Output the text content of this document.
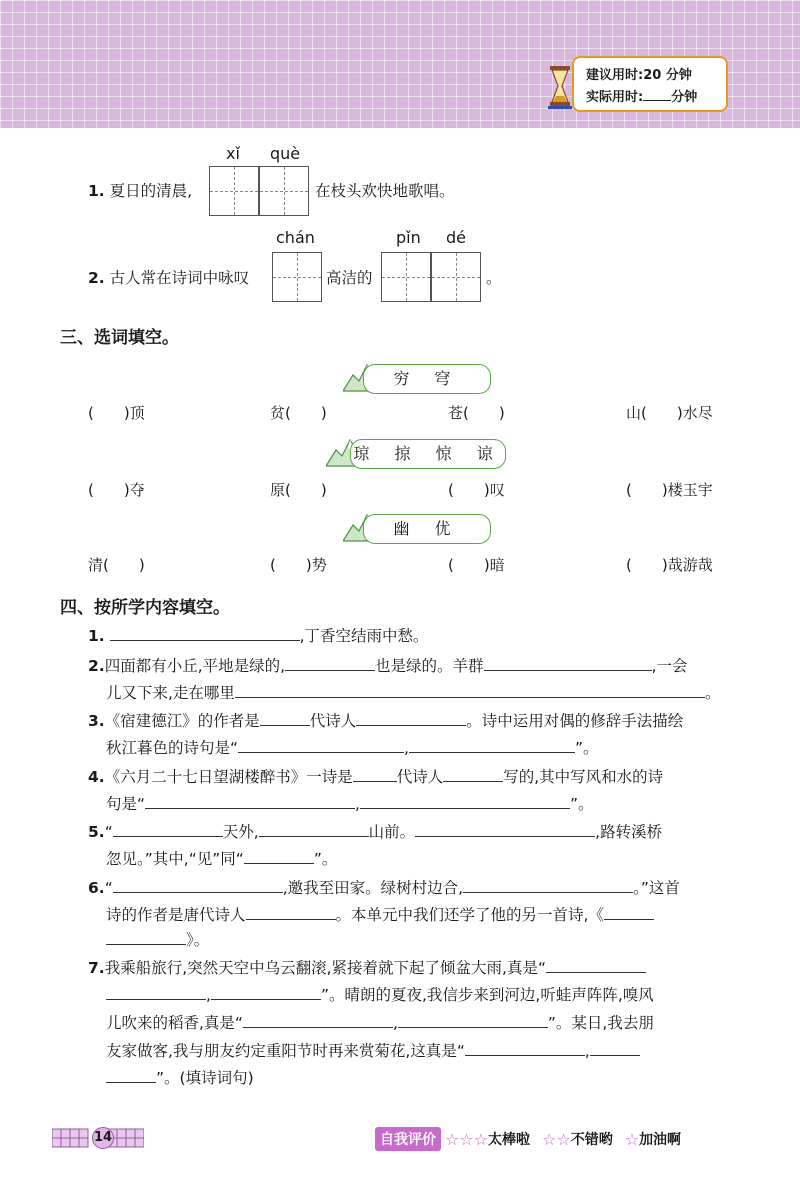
建议用时:20 分钟
实际用时: 分钟
xǐ què
1. 夏日的清晨,	在枝头欢快地歌唱。
chán	pǐn dé
2. 古人常在诗词中咏叹	高洁的	。
三、选词填空。
穷 穹
(　　)顶	贫(　　)	苍(　　)	山(　　)水尽
琼 掠 惊 谅
(　　)夺	原(　　)	(　　)叹	(　　)楼玉宇
幽 优
清(　　)	(　　)势	(　　)暗	(　　)哉游哉
四、按所学内容填空。
1.	,丁香空结雨中愁。
2.四面都有小丘,平地是绿的,	也是绿的。羊群	,一会
儿又下来,走在哪里	。
3.《宿建德江》的作者是	代诗人	。诗中运用对偶的修辞手法描绘
秋江暮色的诗句是“	,	”。
4.《六月二十七日望湖楼醉书》一诗是	代诗人	写的,其中写风和水的诗
句是“	,	”。
5.“	天外,	山前。	,路转溪桥
忽见。”其中,“见”同“	”。
6.“	,邀我至田家。绿树村边合,	。”这首
诗的作者是唐代诗人	。本单元中我们还学了他的另一首诗,《
》。
7.我乘船旅行,突然天空中乌云翻滚,紧接着就下起了倾盆大雨,真是“
,	”。晴朗的夏夜,我信步来到河边,听蛙声阵阵,嗅风
儿吹来的稻香,真是“	,	”。某日,我去朋
友家做客,我与朋友约定重阳节时再来赏菊花,这真是“	,
”。(填诗词句)
14	自我评价 ☆☆☆ 太棒啦 ☆☆ 不错哟 ☆ 加油啊
